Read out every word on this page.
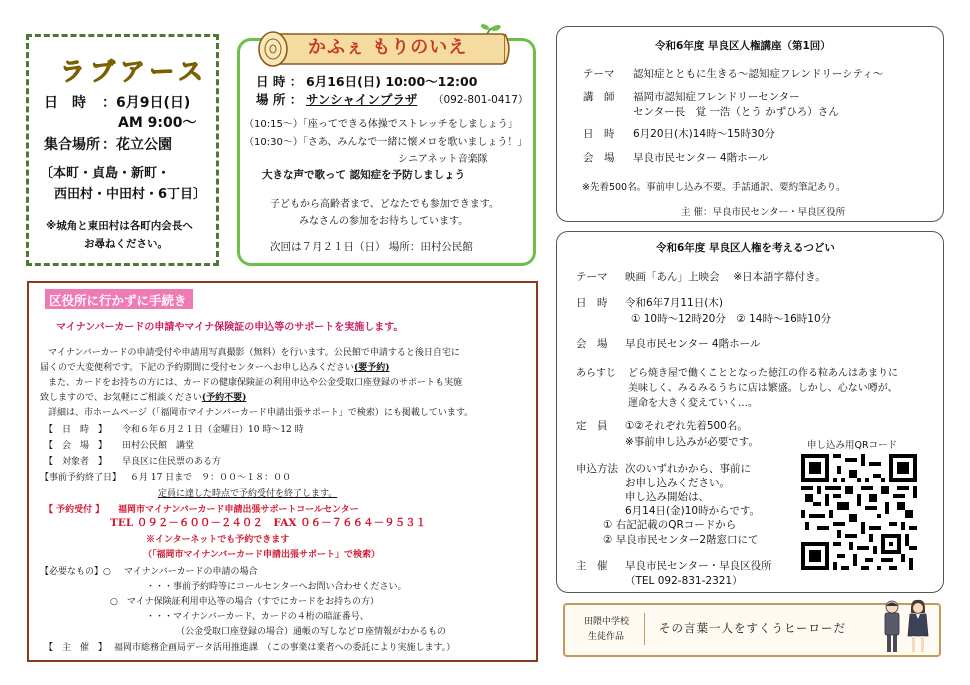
ラブアース
日　時 ：6月9日(日)
AM 9:00～
集合場所 ：花立公園
〔本町・貞島・新町・
西田村・中田村・6丁目〕
※城角と東田村は各町内会長へ
お尋ねください。
かふぇ もりのいえ
日 時 ： 6月16日(日) 10:00～12:00
場 所 ： サンシャインプラザ （092-801-0417）
（10:15～）「座ってできる体操でストレッチをしましょう」
（10:30～）「さあ、みんなで一緒に懐メロを歌いましょう！」
シニアネット音楽隊
大きな声で歌って 認知症を予防しましょう
子どもから高齢者まで、どなたでも参加できます。
みなさんの参加をお待ちしています。
次回は７月２１日（日） 場所：田村公民館
令和6年度 早良区人権講座（第1回）
テーマ 認知症とともに生きる～認知症フレンドリーシティ～
講　師 福岡市認知症フレンドリーセンター
センター長　覚 一浩（とう かずひろ）さん
日　時 6月20日(木)14時～15時30分
会　場 早良市民センター 4階ホール
※先着500名。事前申し込み不要。手話通訳、要約筆記あり。
主 催：早良市民センター・早良区役所
令和6年度 早良区人権を考えるつどい
テーマ 映画「あん」上映会　 ※日本語字幕付き。
日　時 令和6年7月11日(木)
① 10時～12時20分　② 14時～16時10分
会　場 早良市民センター 4階ホール
あらすじ どら焼き屋で働くこととなった徳江の作る粒あんはあまりに
美味しく、みるみるうちに店は繁盛。しかし、心ない噂が、
運命を大きく変えていく…。
定　員 ①②それぞれ先着500名。
※事前申し込みが必要です。	申し込み用QRコード
申込方法 次のいずれかから、事前に
お申し込みください。
申し込み開始は、
6月14日(金)10時からです。
① 右記記載のQRコードから
② 早良市民センター2階窓口にて
主　催 早良市民センター・早良区役所
（TEL 092-831-2321）
区役所に行かずに手続き
マイナンバーカードの申請やマイナ保険証の申込等のサポートを実施します。
マイナンバーカードの申請受付や申請用写真撮影（無料）を行います。公民館で申請すると後日自宅に
届くので大変便利です。下記の予約期間に受付センターへお申し込みください(要予約)
また、カードをお持ちの方には、カードの健康保険証の利用申込や公金受取口座登録のサポートも実施
致しますので、お気軽にご相談ください(予約不要)
詳細は、市ホームページ（「福岡市マイナンバーカード申請出張サポート」で検索）にも掲載しています。
【　日　時　】 令和６年６月２１日（金曜日）10 時～12 時
【　会　場　】 田村公民館　講堂
【　対象者　】 早良区に住民票のある方
【事前予約終了日】 ６月 17 日まで　９：００～１８：００
定員に達した時点で予約受付を終了します。
【 予約受付 】 福岡市マイナンバーカード申請出張サポートコールセンター
TEL ０９２－６００－２４０２　FAX ０６－７６６４－９５３１
※インターネットでも予約できます
（「福岡市マイナンバーカード申請出張サポート」で検索）
【必要なもの】○ マイナンバーカードの申請の場合
・・・事前予約時等にコールセンターへお問い合わせください。
○　マイナ保険証利用申込等の場合（すでにカードをお持ちの方）
・・・マイナンバーカード、カードの４桁の暗証番号、
（公金受取口座登録の場合）通帳の写しなどロ座情報がわかるもの
【　主　催　】 福岡市総務企画局データ活用推進課　（この事業は業者への委託により実施します。）
田隈中学校
生徒作品
その言葉一人をすくうヒーローだ
